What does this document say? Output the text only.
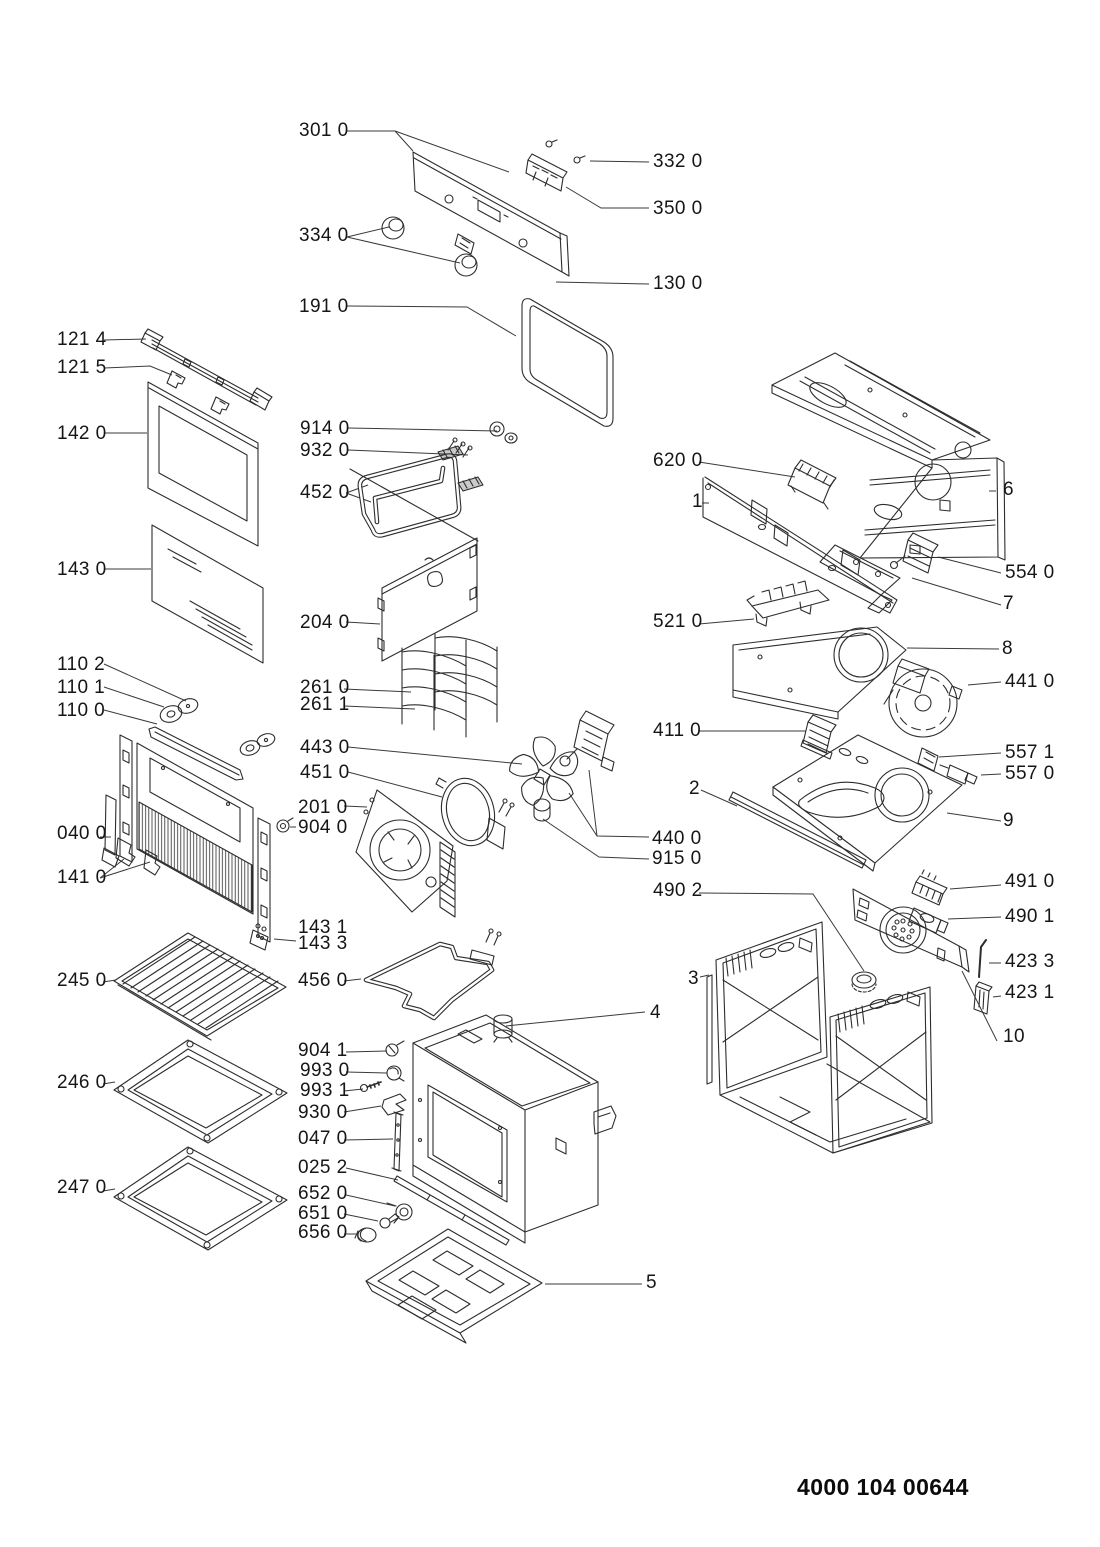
4000 104 00644
301 0
332 0
350 0
334 0
130 0
191 0
121 4
121 5
142 0	914 0
932 0
452 0
620 0
1
6
143 0	554 0
7
204 0	521 0
8
441 0
110 2
110 1
110 0
261 0
261 1
411 0
443 0
451 0
557 1
557 0
2
201 0
904 0	9
040 0	440 0
915 0
141 0
490 2	491 0
490 1
143 1
143 3
3
423 3
423 1
245 0	456 0
4
10
904 1
993 0
993 1
930 0
246 0
047 0
025 2
652 0
651 0
656 0
247 0
5
